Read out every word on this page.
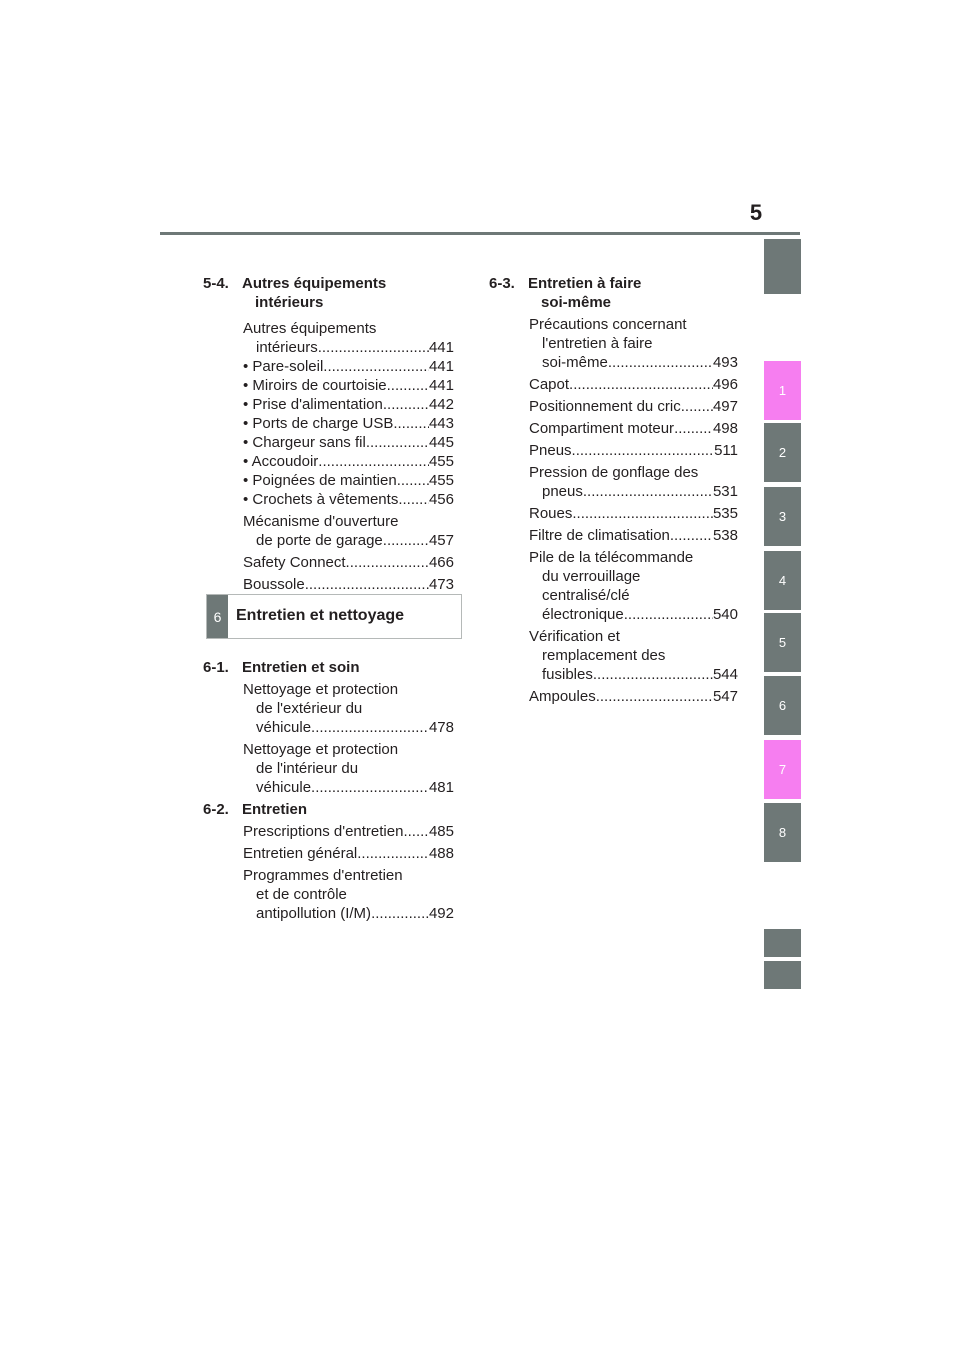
5
1
2
3
4
5
6
7
8
5-4. Autres équipements
intérieurs
Autres équipements
intérieurs .....	441
• Pare-soleil .....	441
• Miroirs de courtoisie .....	441
• Prise d'alimentation .....	442
• Ports de charge USB ..... 443
• Chargeur sans fil .....	445
• Accoudoir .....	455
• Poignées de maintien ..... 455
• Crochets à vêtements ..... 456
Mécanisme d'ouverture
de porte de garage .....	457
Safety Connect. .....	466
Boussole .....	473
6 Entretien et nettoyage
6-1. Entretien et soin
Nettoyage et protection
de l'extérieur du
véhicule .....	478
Nettoyage et protection
de l'intérieur du
véhicule .....	481
6-2. Entretien
Prescriptions d'entretien ..... 485
Entretien général .....	488
Programmes d'entretien
et de contrôle
antipollution (I/M) .....	492
6-3. Entretien à faire
soi-même
Précautions concernant
l'entretien à faire
soi-même .....	493
Capot .....	496
Positionnement du cric ..... 497
Compartiment moteur .....	498
Pneus .....	511
Pression de gonflage des
pneus .....	531
Roues .....	535
Filtre de climatisation .....	538
Pile de la télécommande
du verrouillage
centralisé/clé
électronique .....	540
Vérification et
remplacement des
fusibles .....	544
Ampoules .....	547
